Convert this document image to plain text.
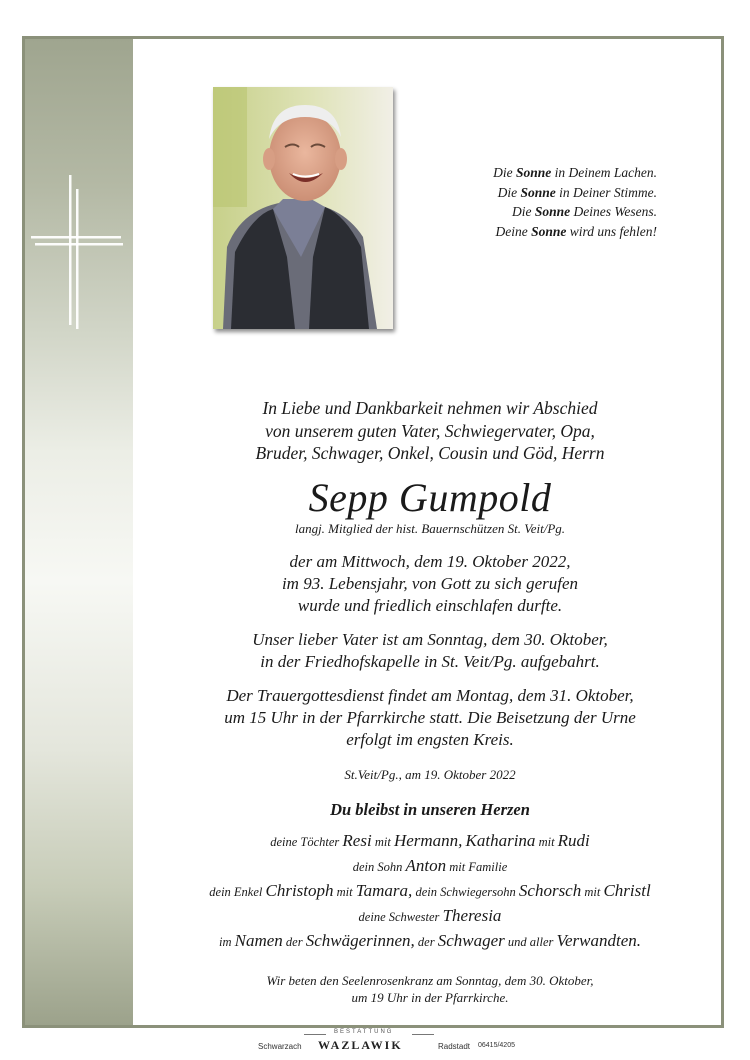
Die Sonne in Deinem Lachen.
Die Sonne in Deiner Stimme.
Die Sonne Deines Wesens.
Deine Sonne wird uns fehlen!
In Liebe und Dankbarkeit nehmen wir Abschied
von unserem guten Vater, Schwiegervater, Opa,
Bruder, Schwager, Onkel, Cousin und Göd, Herrn
Sepp Gumpold
langj. Mitglied der hist. Bauernschützen St. Veit/Pg.
der am Mittwoch, dem 19. Oktober 2022,
im 93. Lebensjahr, von Gott zu sich gerufen
wurde und friedlich einschlafen durfte.
Unser lieber Vater ist am Sonntag, dem 30. Oktober,
in der Friedhofskapelle in St. Veit/Pg. aufgebahrt.
Der Trauergottesdienst findet am Montag, dem 31. Oktober,
um 15 Uhr in der Pfarrkirche statt. Die Beisetzung der Urne
erfolgt im engsten Kreis.
St.Veit/Pg., am 19. Oktober 2022
Du bleibst in unseren Herzen
deine Töchter Resi mit Hermann, Katharina mit Rudi
dein Sohn Anton mit Familie
dein Enkel Christoph mit Tamara, dein Schwiegersohn Schorsch mit Christl
deine Schwester Theresia
im Namen der Schwägerinnen, der Schwager und aller Verwandten.
Wir beten den Seelenrosenkranz am Sonntag, dem 30. Oktober,
um 19 Uhr in der Pfarrkirche.
Schwarzach
BESTATTUNG
WAZLAWIK	Radstadt 06415/4205
